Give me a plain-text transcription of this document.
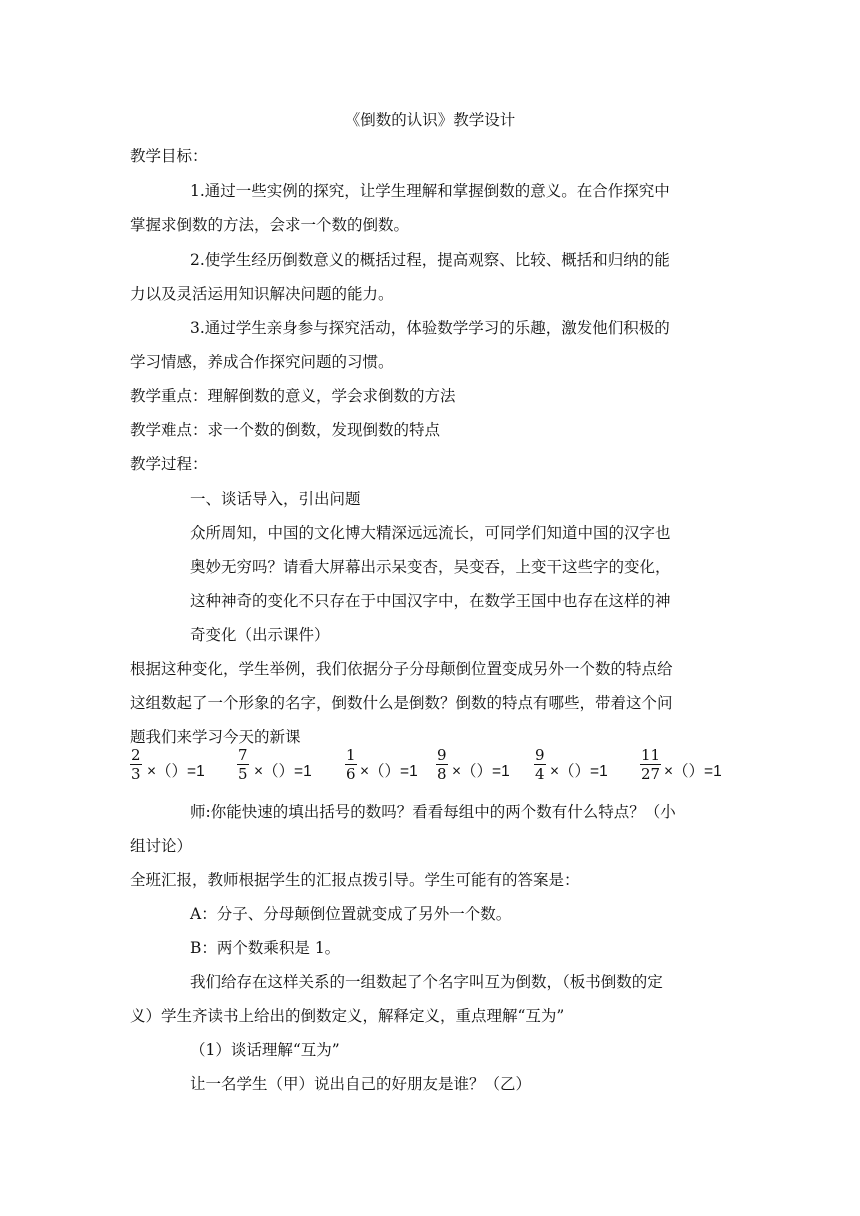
《倒数的认识》教学设计
教学目标：
1.通过一些实例的探究，让学生理解和掌握倒数的意义。在合作探究中
掌握求倒数的方法，会求一个数的倒数。
2.使学生经历倒数意义的概括过程，提高观察、比较、概括和归纳的能
力以及灵活运用知识解决问题的能力。
3.通过学生亲身参与探究活动，体验数学学习的乐趣，激发他们积极的
学习情感，养成合作探究问题的习惯。
教学重点：理解倒数的意义，学会求倒数的方法
教学难点：求一个数的倒数，发现倒数的特点
教学过程：
一、谈话导入，引出问题
众所周知，中国的文化博大精深远远流长，可同学们知道中国的汉字也
奥妙无穷吗？请看大屏幕出示呆变杏，吴变吞，上变干这些字的变化，
这种神奇的变化不只存在于中国汉字中，在数学王国中也存在这样的神
奇变化（出示课件）
根据这种变化，学生举例，我们依据分子分母颠倒位置变成另外一个数的特点给
这组数起了一个形象的名字，倒数什么是倒数？倒数的特点有哪些，带着这个问
题我们来学习今天的新课
$\frac{2}{3} \times()=1 \frac{7}{5} \times()=1 \frac{1}{6} \times()=1 \frac{9}{8} \times()=1 \frac{9}{4} \times()=1 \frac{11}{27} \times()=1$
师:你能快速的填出括号的数吗？看看每组中的两个数有什么特点？（小
组讨论）
全班汇报，教师根据学生的汇报点拨引导。学生可能有的答案是：
A：分子、分母颠倒位置就变成了另外一个数。
B：两个数乘积是 1。
我们给存在这样关系的一组数起了个名字叫互为倒数，（板书倒数的定
义）学生齐读书上给出的倒数定义，解释定义，重点理解“互为”
（1）谈话理解“互为”
让一名学生（甲）说出自己的好朋友是谁？（乙）
